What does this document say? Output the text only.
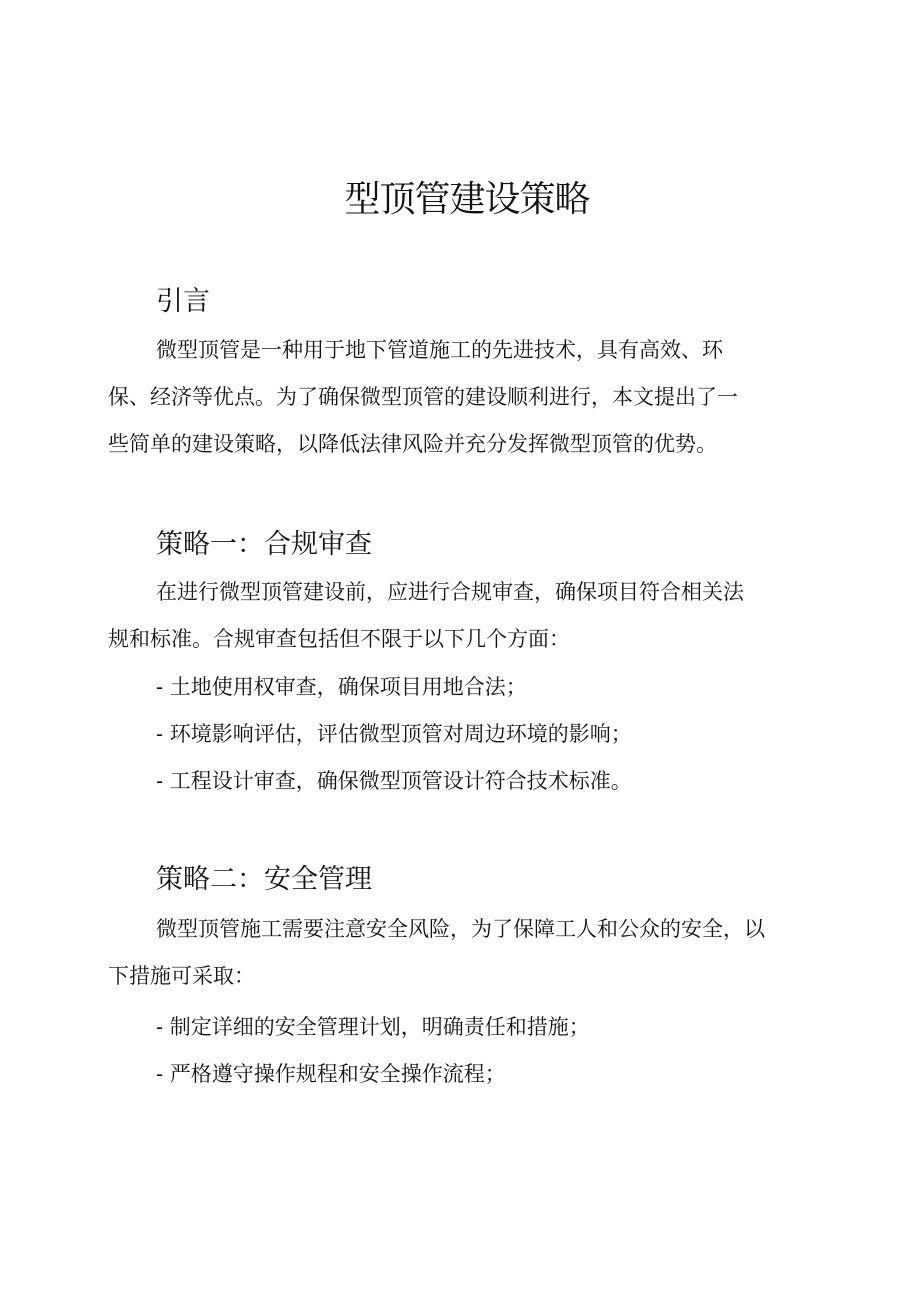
型顶管建设策略
引言

微型顶管是一种用于地下管道施工的先进技术，具有高效、环
保、经济等优点。为了确保微型顶管的建设顺利进行，本文提出了一
些简单的建设策略，以降低法律风险并充分发挥微型顶管的优势。

策略一：合规审查

在进行微型顶管建设前，应进行合规审查，确保项目符合相关法
规和标准。合规审查包括但不限于以下几个方面：

- 土地使用权审查，确保项目用地合法；

- 环境影响评估，评估微型顶管对周边环境的影响；

- 工程设计审查，确保微型顶管设计符合技术标准。

策略二：安全管理

微型顶管施工需要注意安全风险，为了保障工人和公众的安全，以
下措施可采取：

- 制定详细的安全管理计划，明确责任和措施；

- 严格遵守操作规程和安全操作流程；
